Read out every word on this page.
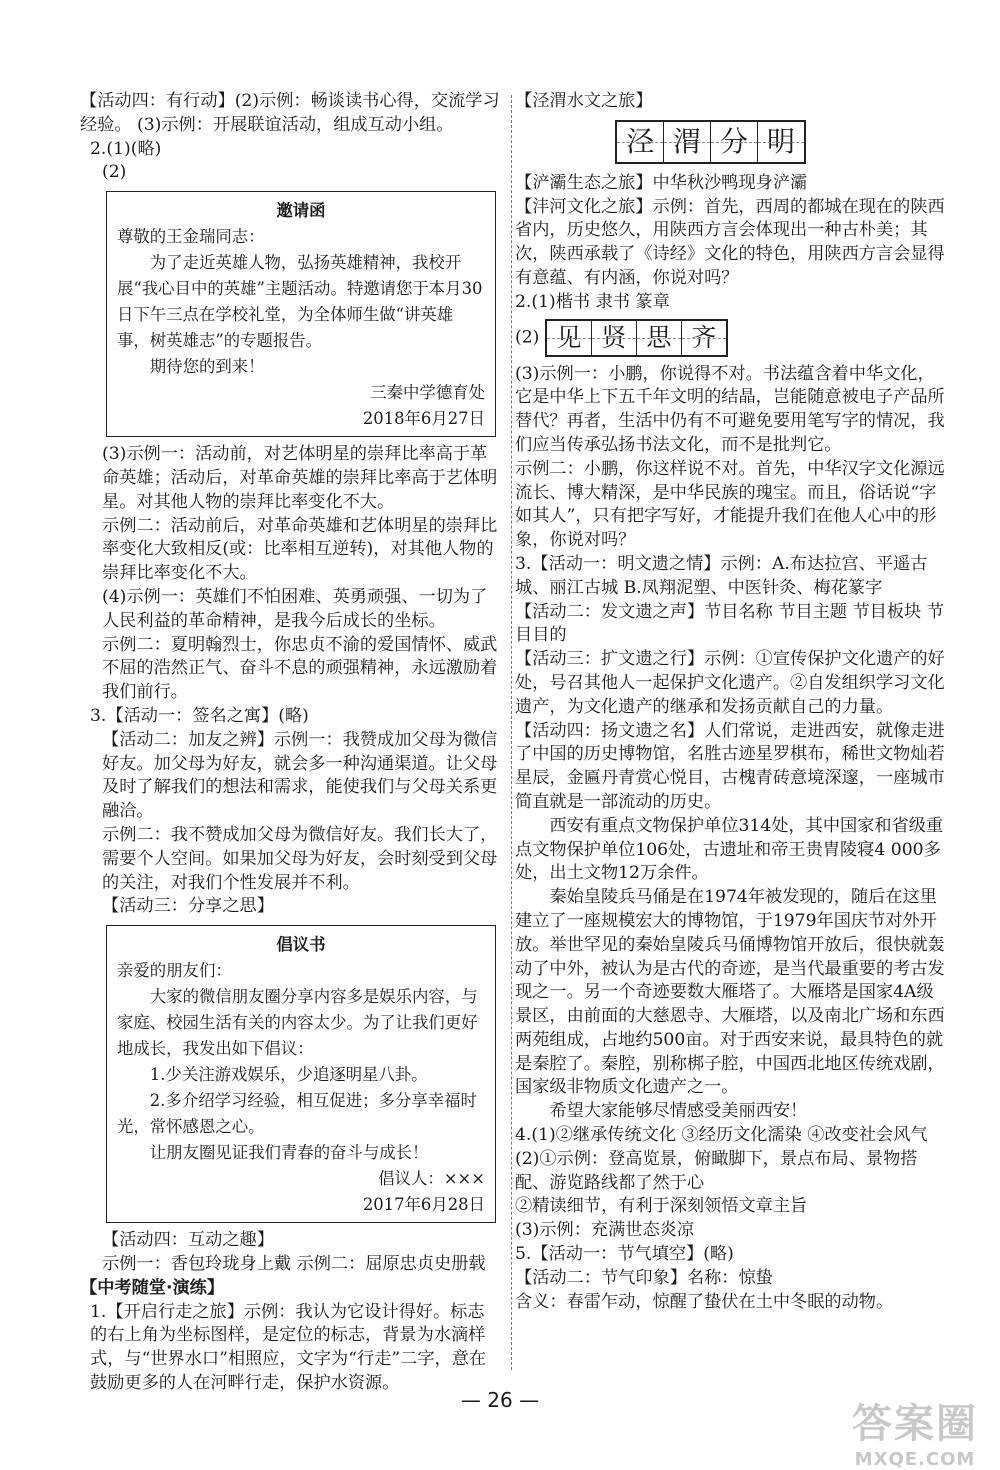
【活动四：有行动】(2)示例：畅谈读书心得，交流学习经验。 (3)示例：开展联谊活动，组成互动小组。

2.(1)(略)

(2)

邀请函

尊敬的王金瑞同志：

为了走近英雄人物，弘扬英雄精神，我校开展“我心目中的英雄”主题活动。特邀请您于本月30日下午三点在学校礼堂，为全体师生做“讲英雄事，树英雄志”的专题报告。

期待您的到来！

三秦中学德育处

2018年6月27日

(3)示例一：活动前，对艺体明星的崇拜比率高于革命英雄；活动后，对革命英雄的崇拜比率高于艺体明星。对其他人物的崇拜比率变化不大。

示例二：活动前后，对革命英雄和艺体明星的崇拜比率变化大致相反(或：比率相互逆转)，对其他人物的崇拜比率变化不大。

(4)示例一：英雄们不怕困难、英勇顽强、一切为了人民利益的革命精神，是我今后成长的坐标。

示例二：夏明翰烈士，你忠贞不渝的爱国情怀、威武不屈的浩然正气、奋斗不息的顽强精神，永远激励着我们前行。

3.【活动一：签名之寓】(略)

【活动二：加友之辨】示例一：我赞成加父母为微信好友。加父母为好友，就会多一种沟通渠道。让父母及时了解我们的想法和需求，能使我们与父母关系更融洽。

示例二：我不赞成加父母为微信好友。我们长大了，需要个人空间。如果加父母为好友，会时刻受到父母的关注，对我们个性发展并不利。

【活动三：分享之思】

倡议书

亲爱的朋友们：

大家的微信朋友圈分享内容多是娱乐内容，与家庭、校园生活有关的内容太少。为了让我们更好地成长，我发出如下倡议：

1.少关注游戏娱乐，少追逐明星八卦。

2.多介绍学习经验，相互促进；多分享幸福时光，常怀感恩之心。

让朋友圈见证我们青春的奋斗与成长！

倡议人：×××

2017年6月28日

【活动四：互动之趣】

示例一：香包玲珑身上戴 示例二：屈原忠贞史册载

【中考随堂·演练】

1.【开启行走之旅】示例：我认为它设计得好。标志的右上角为坐标图样，是定位的标志，背景为水滴样式，与“世界水口”相照应，文字为“行走”二字，意在鼓励更多的人在河畔行走，保护水资源。

【泾渭水文之旅】

泾 渭 分 明

【浐灞生态之旅】中华秋沙鸭现身浐灞

【沣河文化之旅】示例：首先，西周的都城在现在的陕西省内，历史悠久，用陕西方言会体现出一种古朴美；其次，陕西承载了《诗经》文化的特色，用陕西方言会显得有意蕴、有内涵，你说对吗？

2.(1)楷书 隶书 篆章

(2) 见 贤 思 齐

(3)示例一：小鹏，你说得不对。书法蕴含着中华文化，它是中华上下五千年文明的结晶，岂能随意被电子产品所替代？再者，生活中仍有不可避免要用笔写字的情况，我们应当传承弘扬书法文化，而不是批判它。

示例二：小鹏，你这样说不对。首先，中华汉字文化源远流长、博大精深，是中华民族的瑰宝。而且，俗话说“字如其人”，只有把字写好，才能提升我们在他人心中的形象，你说对吗？

3.【活动一：明文遗之情】示例：A.布达拉宫、平遥古城、丽江古城 B.凤翔泥塑、中医针灸、梅花篆字

【活动二：发文遗之声】节目名称 节目主题 节目板块 节目目的

【活动三：扩文遗之行】示例：①宣传保护文化遗产的好处，号召其他人一起保护文化遗产。②自发组织学习文化遗产，为文化遗产的继承和发扬贡献自己的力量。

【活动四：扬文遗之名】人们常说，走进西安，就像走进了中国的历史博物馆，名胜古迹星罗棋布，稀世文物灿若星辰，金匾丹青赏心悦目，古槐青砖意境深邃，一座城市简直就是一部流动的历史。

西安有重点文物保护单位314处，其中国家和省级重点文物保护单位106处，古遗址和帝王贵胄陵寝4 000多处，出土文物12万余件。

秦始皇陵兵马俑是在1974年被发现的，随后在这里建立了一座规模宏大的博物馆，于1979年国庆节对外开放。举世罕见的秦始皇陵兵马俑博物馆开放后，很快就轰动了中外，被认为是古代的奇迹，是当代最重要的考古发现之一。另一个奇迹要数大雁塔了。大雁塔是国家4A级景区，由前面的大慈恩寺、大雁塔，以及南北广场和东西两苑组成，占地约500亩。对于西安来说，最具特色的就是秦腔了。秦腔，别称梆子腔，中国西北地区传统戏剧，国家级非物质文化遗产之一。

希望大家能够尽情感受美丽西安！

4.(1)②继承传统文化 ③经历文化濡染 ④改变社会风气

(2)①示例：登高览景，俯瞰脚下，景点布局、景物搭配、游览路线都了然于心

②精读细节，有利于深刻领悟文章主旨

(3)示例：充满世态炎凉

5.【活动一：节气填空】(略)

【活动二：节气印象】名称：惊蛰

含义：春雷乍动，惊醒了蛰伏在土中冬眠的动物。

— 26 —
答案圈
MXQE.COM
